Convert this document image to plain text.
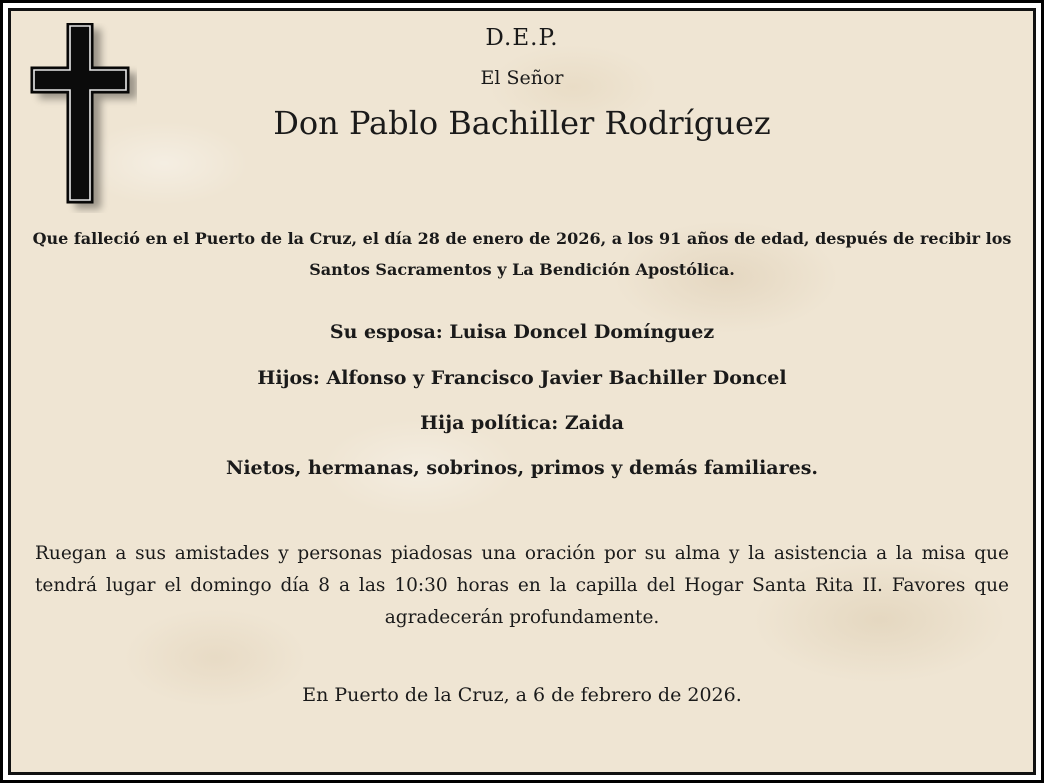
D.E.P.
El Señor
Don Pablo Bachiller Rodríguez
Que falleció en el Puerto de la Cruz, el día 28 de enero de 2026, a los 91 años de edad, después de recibir los Santos Sacramentos y La Bendición Apostólica.
Su esposa: Luisa Doncel Domínguez
Hijos: Alfonso y Francisco Javier Bachiller Doncel
Hija política: Zaida
Nietos, hermanas, sobrinos, primos y demás familiares.
Ruegan a sus amistades y personas piadosas una oración por su alma y la asistencia a la misa que tendrá lugar el domingo día 8 a las 10:30 horas en la capilla del Hogar Santa Rita II. Favores que agradecerán profundamente.
En Puerto de la Cruz, a 6 de febrero de 2026.
